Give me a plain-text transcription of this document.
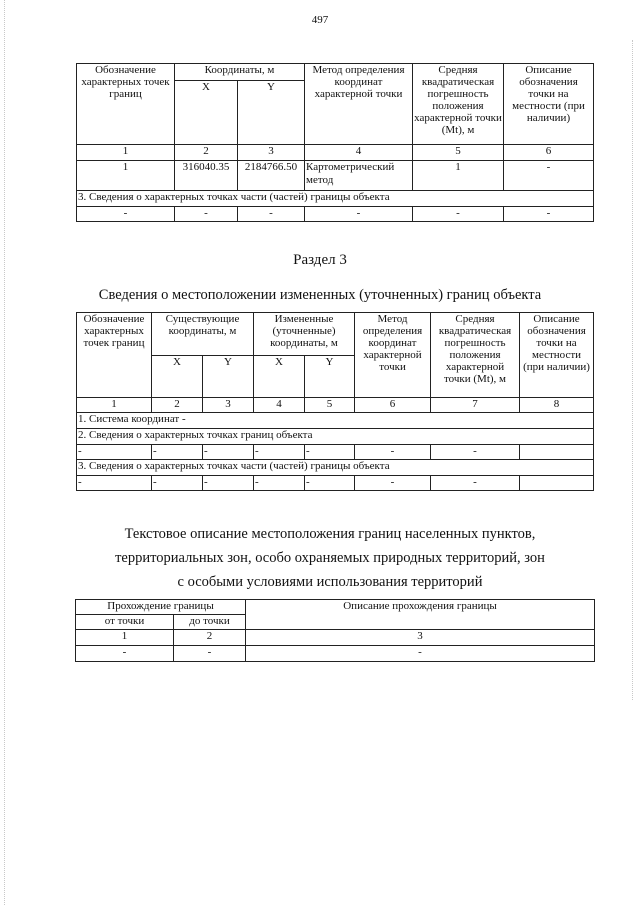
497
Обозначение характерных точек границ	Координаты, м		Метод определения координат характерной точки	Средняя квадратическая погрешность положения характерной точки (Mt), м	Описание обозначения точки на местности (при наличии)
	X	Y			
1	2	3	4	5	6
1	316040.35	2184766.50	Картометрический метод	1	-
3. Сведения о характерных точках части (частей) границы объекта					
-	-	-	-	-	-
Раздел 3
Сведения о местоположении измененных (уточненных) границ объекта
Обозначение характерных точек границ	Существующие координаты, м		Измененные (уточненные) координаты, м		Метод определения координат характерной точки	Средняя квадратическая погрешность положения характерной точки (Mt), м	Описание обозначения точки на местности (при наличии)
	X	Y	X	Y			
1	2	3	4	5	6	7	8
1. Система координат -							
2. Сведения о характерных точках границ объекта							
-	-	-	-	-	-	-	
3. Сведения о характерных точках части (частей) границы объекта							
-	-	-	-	-	-	-	
Текстовое описание местоположения границ населенных пунктов,
территориальных зон, особо охраняемых природных территорий, зон
с особыми условиями использования территорий
Прохождение границы		Описание прохождения границы
от точки	до точки	
1	2	3
-	-	-
